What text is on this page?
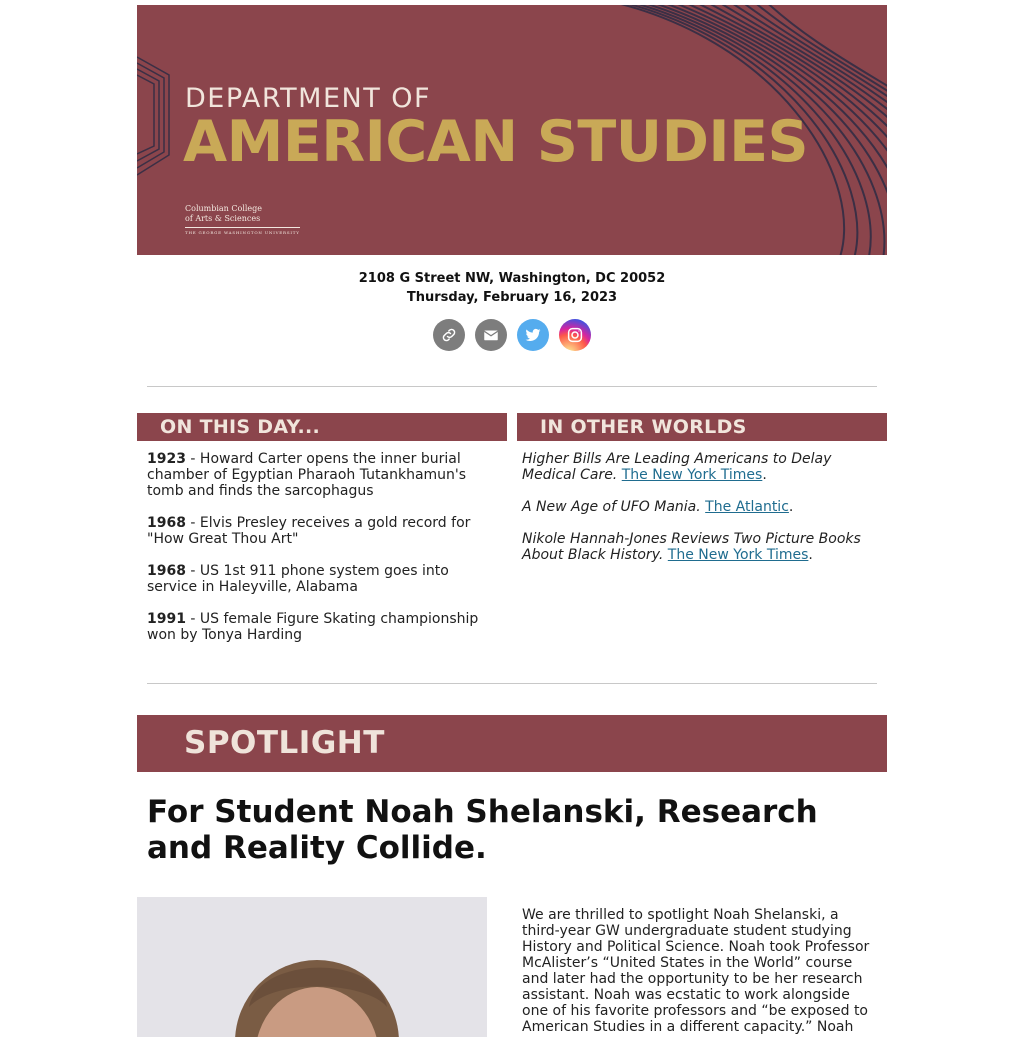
DEPARTMENT OF
AMERICAN STUDIES
Columbian College
of Arts & Sciences
THE GEORGE WASHINGTON UNIVERSITY
2108 G Street NW, Washington, DC 20052
Thursday, February 16, 2023
ON THIS DAY...

1923 - Howard Carter opens the inner burial chamber of Egyptian Pharaoh Tutankhamun's tomb and finds the sarcophagus

1968 - Elvis Presley receives a gold record for "How Great Thou Art"

1968 - US 1st 911 phone system goes into service in Haleyville, Alabama

1991 - US female Figure Skating championship won by Tonya Harding

IN OTHER WORLDS

Higher Bills Are Leading Americans to Delay Medical Care. The New York Times.

A New Age of UFO Mania. The Atlantic.

Nikole Hannah-Jones Reviews Two Picture Books About Black History. The New York Times.

SPOTLIGHT
For Student Noah Shelanski, Research and Reality Collide.
We are thrilled to spotlight Noah Shelanski, a third-year GW undergraduate student studying History and Political Science. Noah took Professor McAlister’s “United States in the World” course and later had the opportunity to be her research assistant. Noah was ecstatic to work alongside one of his favorite professors and “be exposed to American Studies in a different capacity.” Noah
